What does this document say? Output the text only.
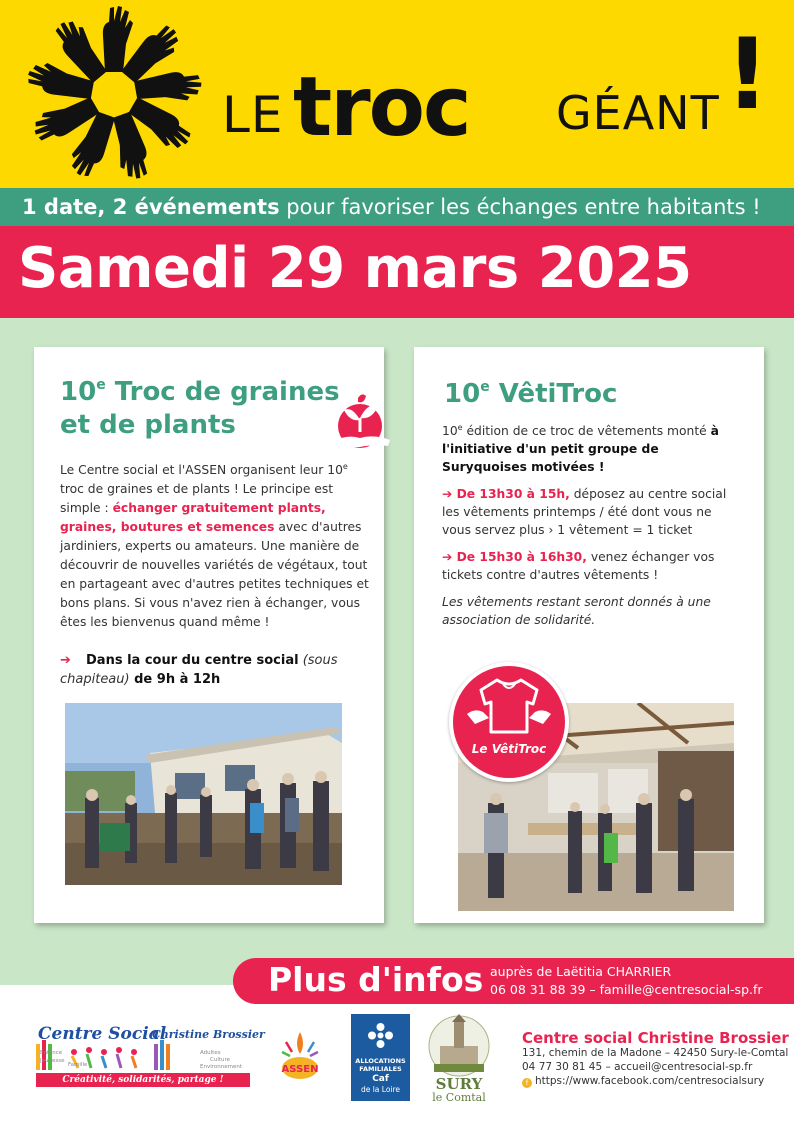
LE troc GÉANT !
1 date, 2 événements pour favoriser les échanges entre habitants !
Samedi 29 mars 2025
10e Troc de graines et de plants
Le Centre social et l'ASSEN organisent leur 10e troc de graines et de plants ! Le principe est simple : échanger gratuitement plants, graines, boutures et semences avec d'autres jardiniers, experts ou amateurs. Une manière de découvrir de nouvelles variétés de végétaux, tout en partageant avec d'autres petites techniques et bons plans. Si vous n'avez rien à échanger, vous êtes les bienvenus quand même !
➔ Dans la cour du centre social (sous chapiteau) de 9h à 12h
10e VêtiTroc

10e édition de ce troc de vêtements monté à l'initiative d'un petit groupe de Suryquoises motivées !

➔ De 13h30 à 15h, déposez au centre social les vêtements printemps / été dont vous ne vous servez plus › 1 vêtement = 1 ticket

➔ De 15h30 à 16h30, venez échanger vos tickets contre d'autres vêtements !

Les vêtements restant seront donnés à une association de solidarité.

Le VêtiTroc
Plus d'infos auprès de Laëtitia CHARRIER
06 08 31 88 39 – famille@centresocial-sp.fr
Centre Social
Christine Brossier
Enfance
Jeunesse
Famille
Adultes
Culture
Environnement
Créativité, solidarités, partage !
ASSEN
ALLOCATIONS FAMILIALES
Caf
de la Loire	SURY
le Comtal
Centre social Christine Brossier
131, chemin de la Madone – 42450 Sury-le-Comtal
04 77 30 81 45 – accueil@centresocial-sp.fr
f https://www.facebook.com/centresocialsury
